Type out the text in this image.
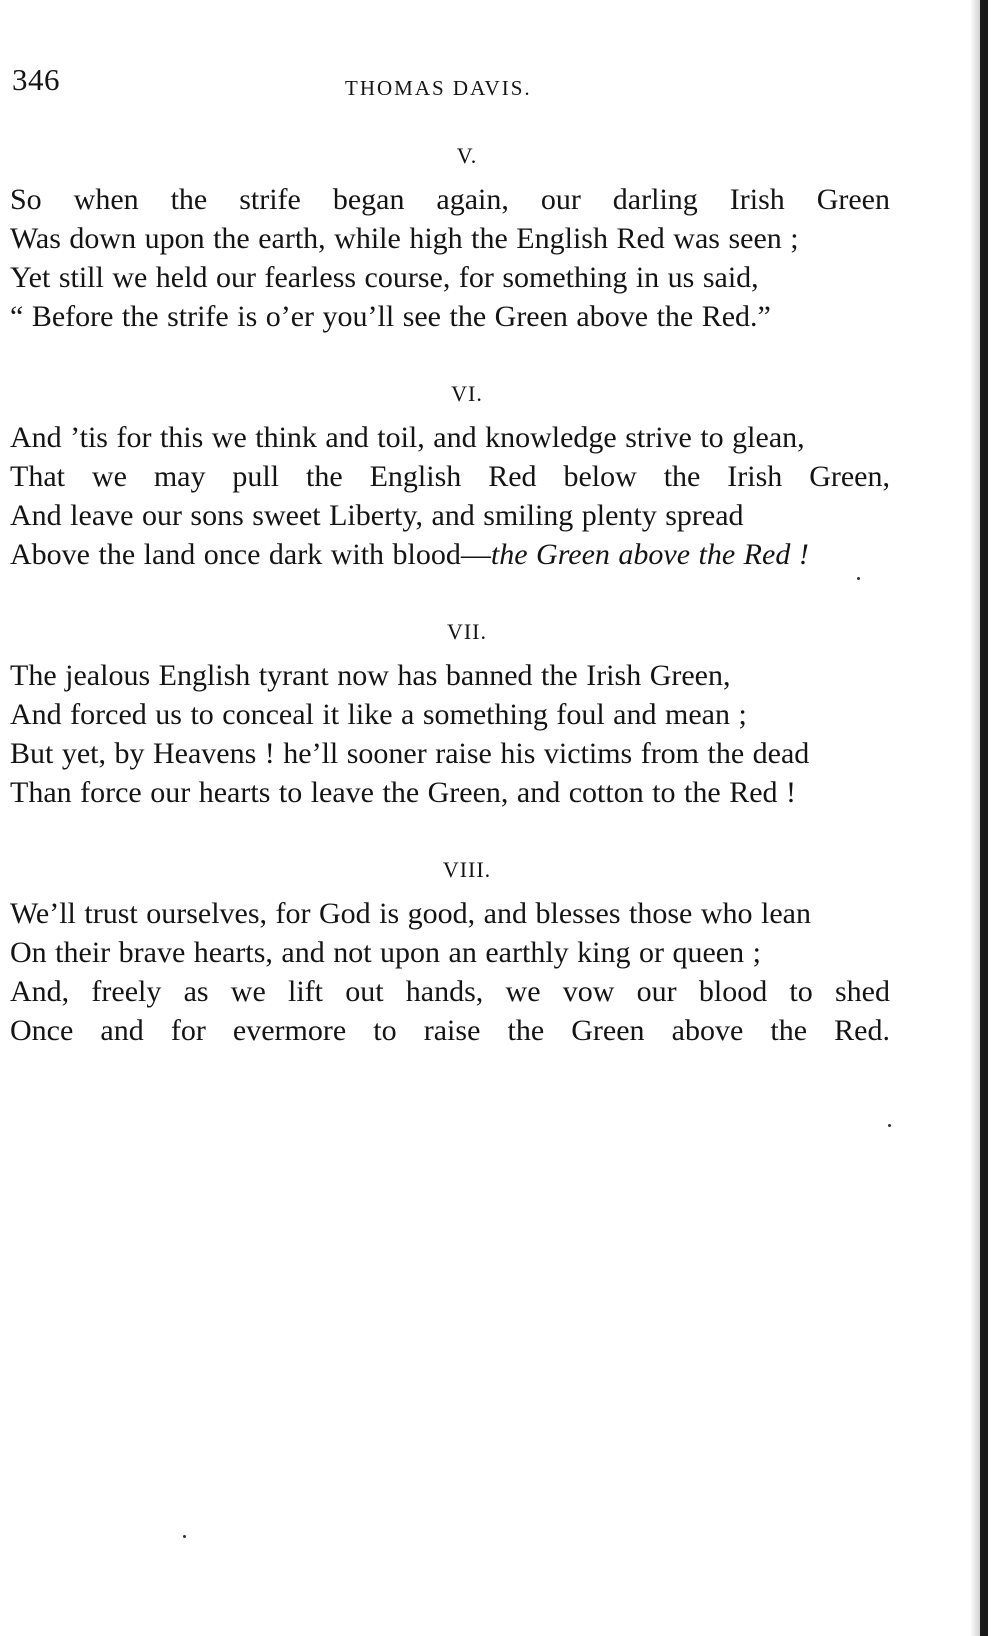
346	THOMAS DAVIS.
V.
So when the strife began again, our darling Irish Green
Was down upon the earth, while high the English Red was seen ;
Yet still we held our fearless course, for something in us said,
“ Before the strife is o’er you’ll see the Green above the Red.”
VI.
And ’tis for this we think and toil, and knowledge strive to glean,
That we may pull the English Red below the Irish Green,
And leave our sons sweet Liberty, and smiling plenty spread
Above the land once dark with blood—the Green above the Red !
VII.
The jealous English tyrant now has banned the Irish Green,
And forced us to conceal it like a something foul and mean ;
But yet, by Heavens ! he’ll sooner raise his victims from the dead
Than force our hearts to leave the Green, and cotton to the Red !
VIII.
We’ll trust ourselves, for God is good, and blesses those who lean
On their brave hearts, and not upon an earthly king or queen ;
And, freely as we lift out hands, we vow our blood to shed
Once and for evermore to raise the Green above the Red.
